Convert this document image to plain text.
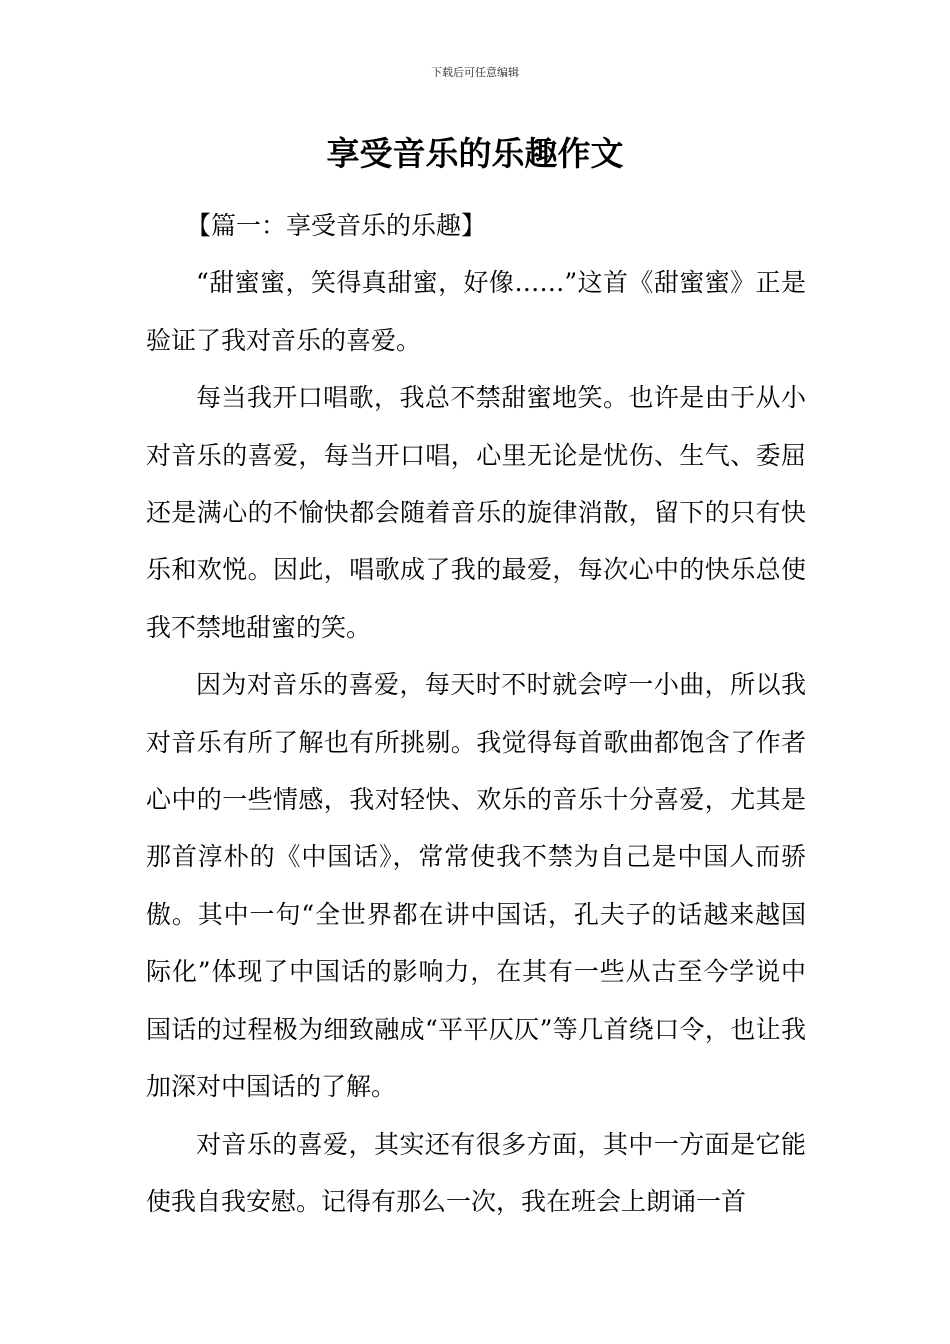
下载后可任意编辑
享受音乐的乐趣作文

【篇一：享受音乐的乐趣】

“甜蜜蜜，笑得真甜蜜，好像……”这首《甜蜜蜜》正是验证了我对音乐的喜爱。

每当我开口唱歌，我总不禁甜蜜地笑。也许是由于从小对音乐的喜爱，每当开口唱，心里无论是忧伤、生气、委屈还是满心的不愉快都会随着音乐的旋律消散，留下的只有快乐和欢悦。因此，唱歌成了我的最爱，每次心中的快乐总使我不禁地甜蜜的笑。

因为对音乐的喜爱，每天时不时就会哼一小曲，所以我对音乐有所了解也有所挑剔。我觉得每首歌曲都饱含了作者心中的一些情感，我对轻快、欢乐的音乐十分喜爱，尤其是那首淳朴的《中国话》，常常使我不禁为自己是中国人而骄傲。其中一句“全世界都在讲中国话，孔夫子的话越来越国际化”体现了中国话的影响力，在其有一些从古至今学说中国话的过程极为细致融成“平平仄仄”等几首绕口令，也让我加深对中国话的了解。

对音乐的喜爱，其实还有很多方面，其中一方面是它能使我自我安慰。记得有那么一次，我在班会上朗诵一首
